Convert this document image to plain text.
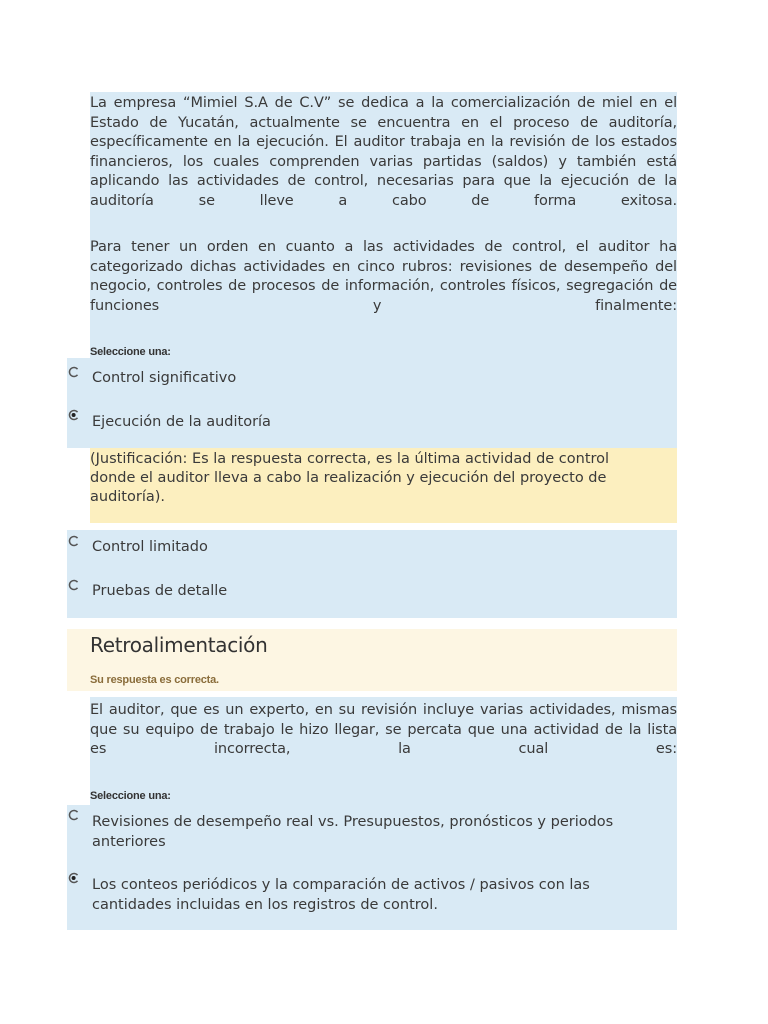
La empresa “Mimiel S.A de C.V” se dedica a la comercialización de miel en el Estado de Yucatán, actualmente se encuentra en el proceso de auditoría, específicamente en la ejecución. El auditor trabaja en la revisión de los estados financieros, los cuales comprenden varias partidas (saldos) y también está aplicando las actividades de control, necesarias para que la ejecución de la auditoría se lleve a cabo de forma exitosa.

Para tener un orden en cuanto a las actividades de control, el auditor ha categorizado dichas actividades en cinco rubros: revisiones de desempeño del negocio, controles de procesos de información, controles físicos, segregación de funciones y finalmente:

Seleccione una:
Control significativo
Ejecución de la auditoría
(Justificación: Es la respuesta correcta, es la última actividad de control donde el auditor lleva a cabo la realización y ejecución del proyecto de auditoría).
Control limitado
Pruebas de detalle
Retroalimentación
Su respuesta es correcta.

El auditor, que es un experto, en su revisión incluye varias actividades, mismas que su equipo de trabajo le hizo llegar, se percata que una actividad de la lista es incorrecta, la cual es:

Seleccione una:
Revisiones de desempeño real vs. Presupuestos, pronósticos y periodos anteriores
Los conteos periódicos y la comparación de activos / pasivos con las cantidades incluidas en los registros de control.
